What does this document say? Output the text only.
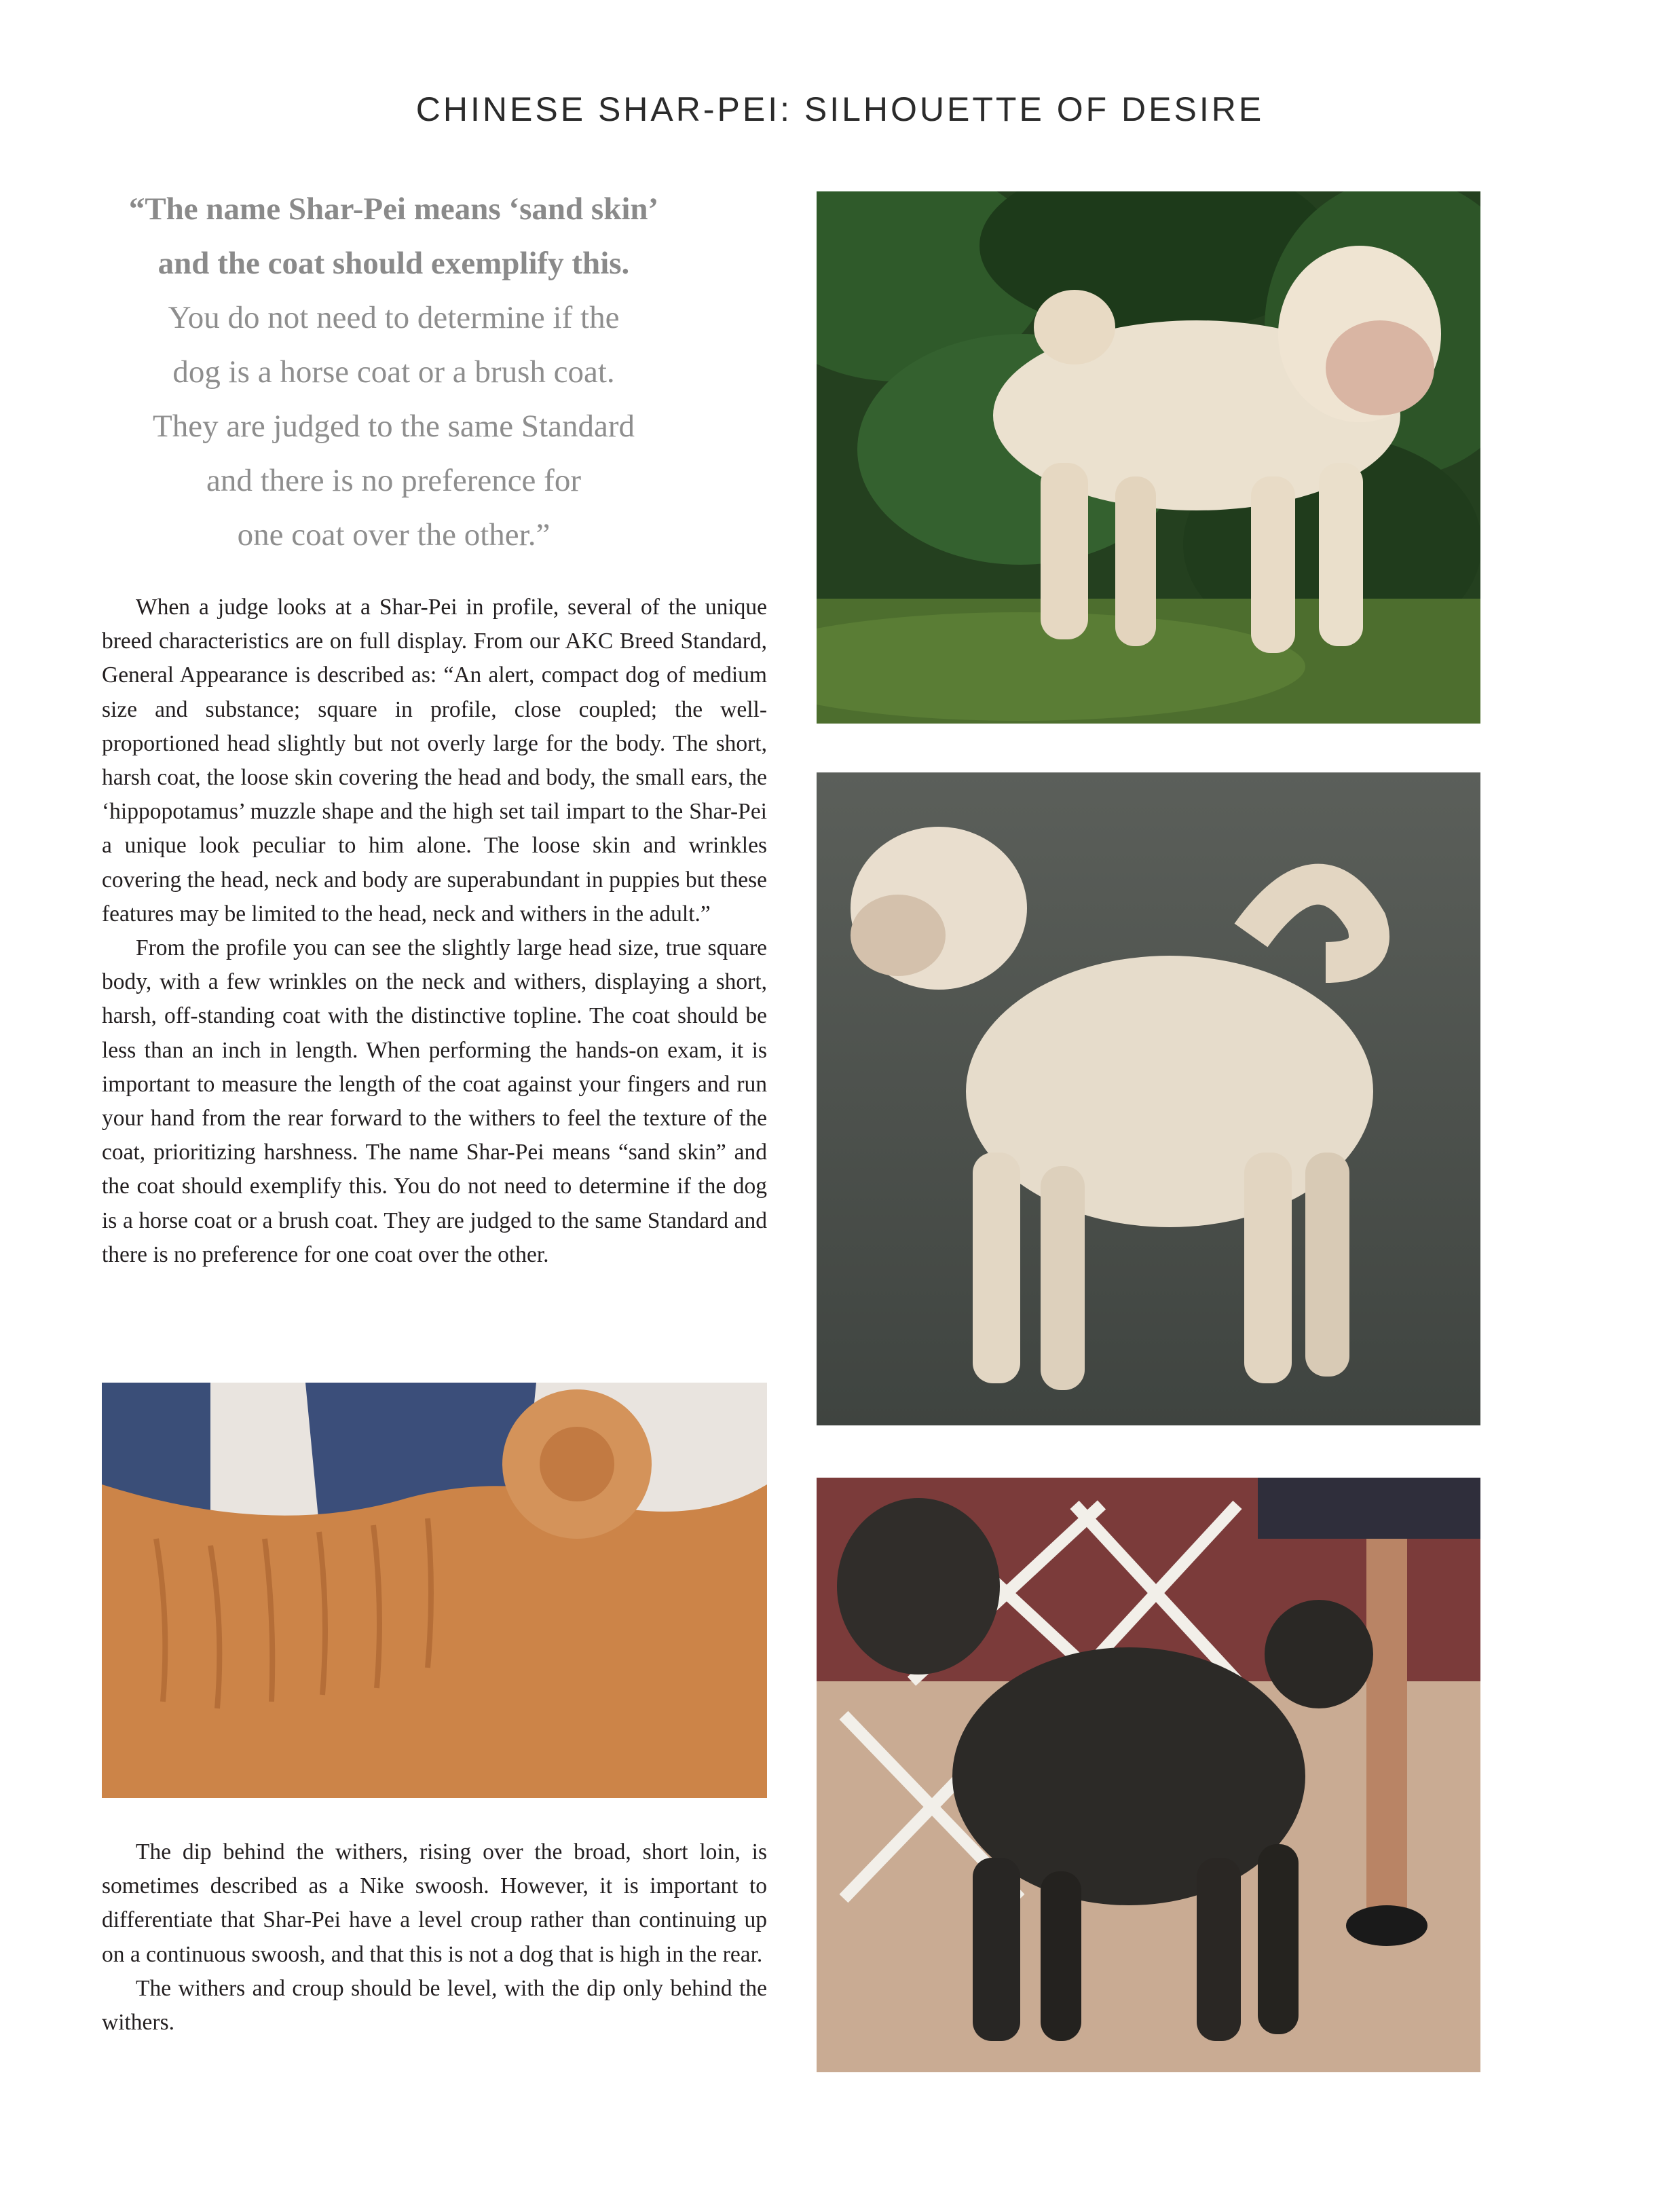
CHINESE SHAR-PEI: SILHOUETTE OF DESIRE
“The name Shar-Pei means ‘sand skin’
and the coat should exemplify this.
You do not need to determine if the
dog is a horse coat or a brush coat.
They are judged to the same Standard
and there is no preference for
one coat over the other.”

When a judge looks at a Shar-Pei in profile, several of the unique breed characteristics are on full display. From our AKC Breed Standard, General Appearance is described as: “An alert, compact dog of medium size and substance; square in profile, close coupled; the well-proportioned head slightly but not overly large for the body. The short, harsh coat, the loose skin covering the head and body, the small ears, the ‘hippopotamus’ muzzle shape and the high set tail impart to the Shar-Pei a unique look peculiar to him alone. The loose skin and wrinkles covering the head, neck and body are superabundant in puppies but these features may be limited to the head, neck and withers in the adult.”

From the profile you can see the slightly large head size, true square body, with a few wrinkles on the neck and withers, displaying a short, harsh, off-standing coat with the distinctive topline. The coat should be less than an inch in length. When performing the hands-on exam, it is important to measure the length of the coat against your fingers and run your hand from the rear forward to the withers to feel the texture of the coat, prioritizing harshness. The name Shar-Pei means “sand skin” and the coat should exemplify this. You do not need to determine if the dog is a horse coat or a brush coat. They are judged to the same Standard and there is no preference for one coat over the other.

The dip behind the withers, rising over the broad, short loin, is sometimes described as a Nike swoosh. However, it is important to differentiate that Shar-Pei have a level croup rather than continuing up on a continuous swoosh, and that this is not a dog that is high in the rear.

The withers and croup should be level, with the dip only behind the withers.
